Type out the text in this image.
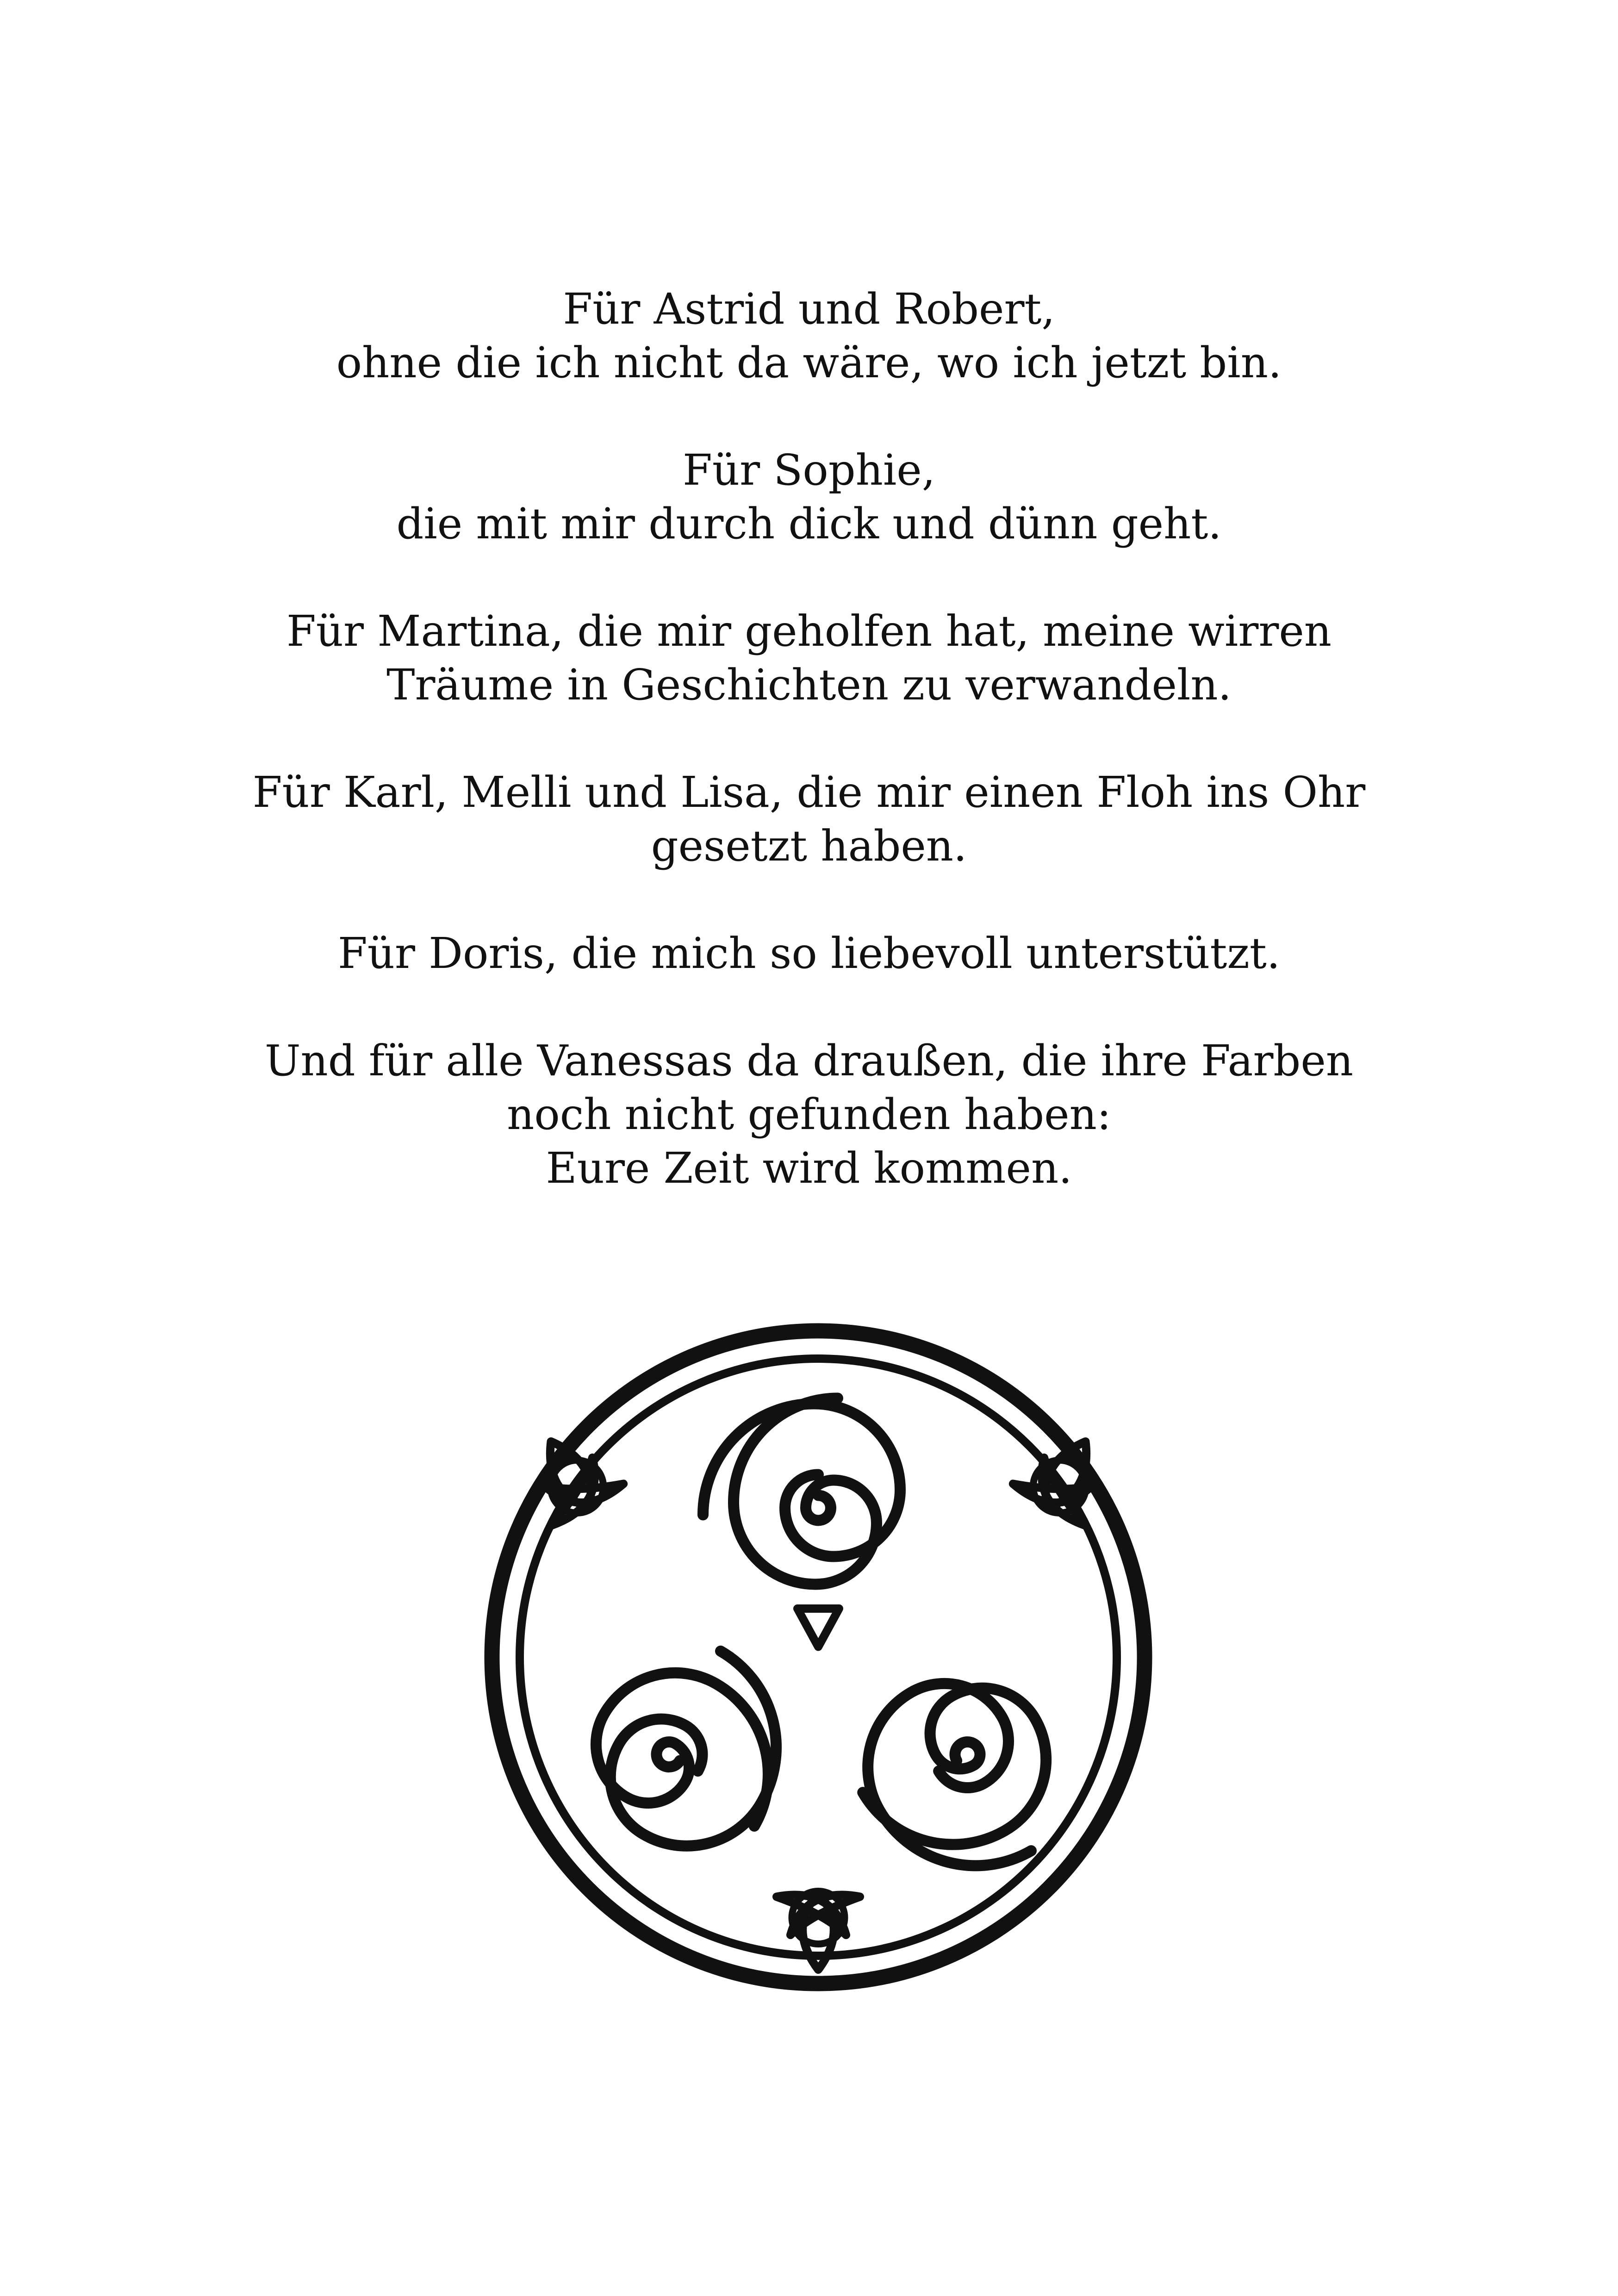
Für Astrid und Robert,
ohne die ich nicht da wäre, wo ich jetzt bin.

Für Sophie,
die mit mir durch dick und dünn geht.

Für Martina, die mir geholfen hat, meine wirren
Träume in Geschichten zu verwandeln.

Für Karl, Melli und Lisa, die mir einen Floh ins Ohr
gesetzt haben.

Für Doris, die mich so liebevoll unterstützt.

Und für alle Vanessas da draußen, die ihre Farben
noch nicht gefunden haben:
Eure Zeit wird kommen.
